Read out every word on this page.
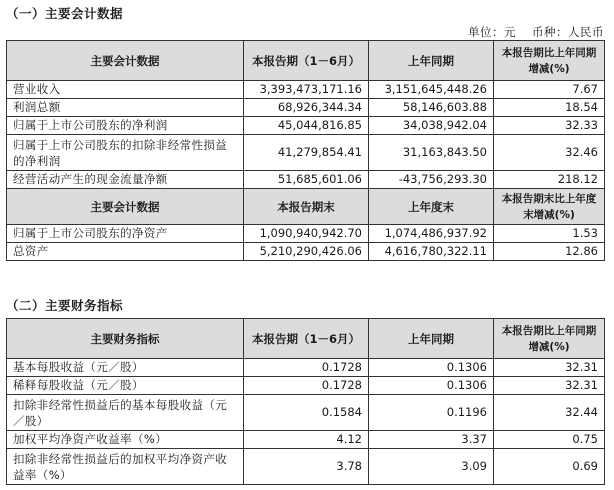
（一）主要会计数据
单位：元 币种：人民币
主要会计数据	本报告期（1－6月）	上年同期	本报告期比上年同期增减(%)
营业收入	3,393,473,171.16	3,151,645,448.26	7.67
利润总额	68,926,344.34	58,146,603.88	18.54
归属于上市公司股东的净利润	45,044,816.85	34,038,942.04	32.33
归属于上市公司股东的扣除非经常性损益的净利润	41,279,854.41	31,163,843.50	32.46
经营活动产生的现金流量净额	51,685,601.06	-43,756,293.30	218.12
主要会计数据	本报告期末	上年度末	本报告期末比上年度末增减(%)
归属于上市公司股东的净资产	1,090,940,942.70	1,074,486,937.92	1.53
总资产	5,210,290,426.06	4,616,780,322.11	12.86
（二）主要财务指标
主要财务指标	本报告期（1－6月）	上年同期	本报告期比上年同期增减(%)
基本每股收益（元／股）	0.1728	0.1306	32.31
稀释每股收益（元／股）	0.1728	0.1306	32.31
扣除非经常性损益后的基本每股收益（元／股）	0.1584	0.1196	32.44
加权平均净资产收益率（%）	4.12	3.37	0.75
扣除非经常性损益后的加权平均净资产收益率（%）	3.78	3.09	0.69
